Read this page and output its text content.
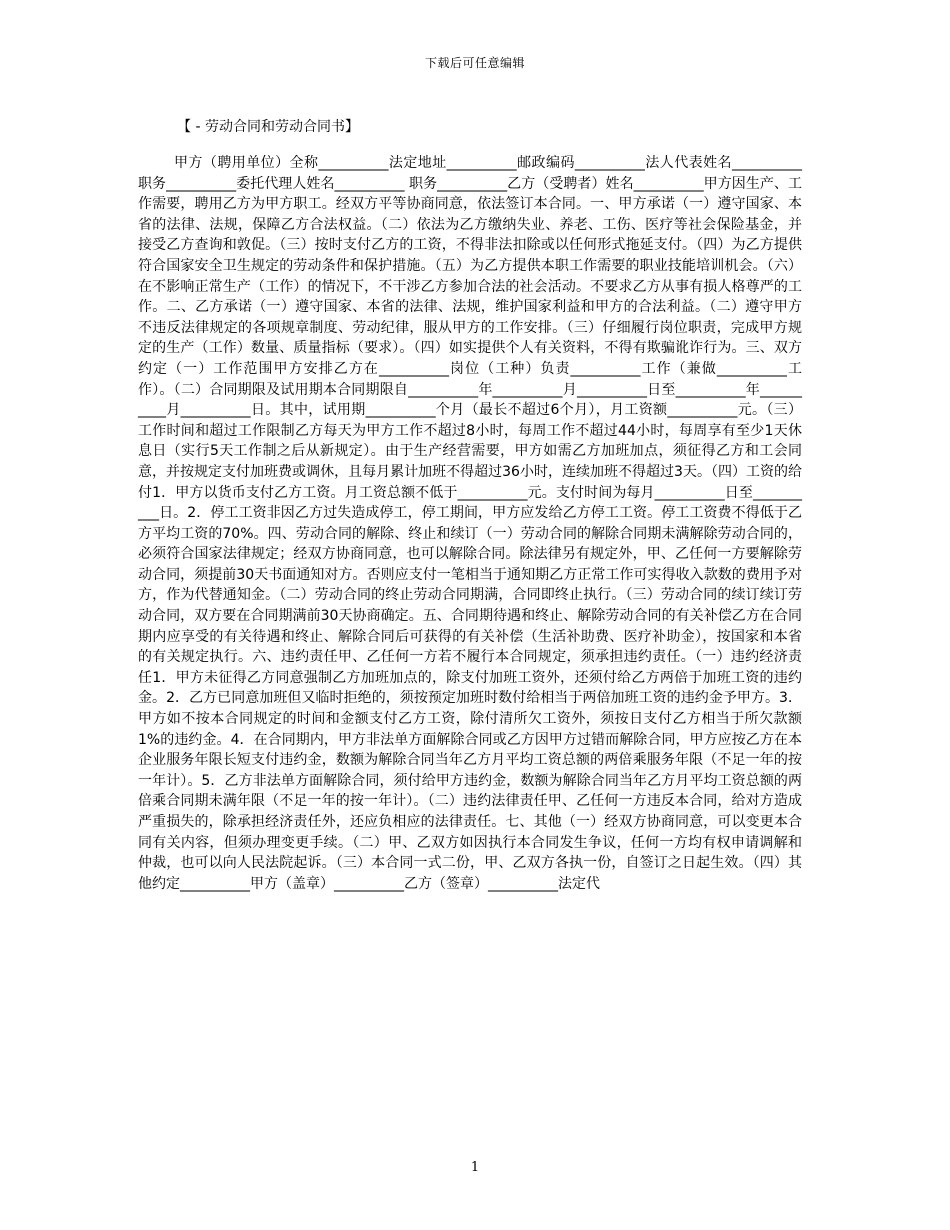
下载后可任意编辑
【 - 劳动合同和劳动合同书】
甲方（聘用单位）全称__________法定地址__________邮政编码__________法人代表姓名__________ 职务__________委托代理人姓名__________ 职务__________乙方（受聘者）姓名__________甲方因生产、工作需要，聘用乙方为甲方职工。经双方平等协商同意，依法签订本合同。一、甲方承诺（一）遵守国家、本省的法律、法规，保障乙方合法权益。（二）依法为乙方缴纳失业、养老、工伤、医疗等社会保险基金，并接受乙方查询和敦促。（三）按时支付乙方的工资，不得非法扣除或以任何形式拖延支付。（四）为乙方提供符合国家安全卫生规定的劳动条件和保护措施。（五）为乙方提供本职工作需要的职业技能培训机会。（六）在不影响正常生产（工作）的情况下，不干涉乙方参加合法的社会活动。不要求乙方从事有损人格尊严的工作。二、乙方承诺（一）遵守国家、本省的法律、法规，维护国家利益和甲方的合法利益。（二）遵守甲方不违反法律规定的各项规章制度、劳动纪律，服从甲方的工作安排。（三）仔细履行岗位职责，完成甲方规定的生产（工作）数量、质量指标（要求）。（四）如实提供个人有关资料，不得有欺骗讹诈行为。三、双方约定（一）工作范围甲方安排乙方在__________岗位（工种）负责__________工作（兼做__________工作）。（二）合同期限及试用期本合同期限自__________年__________月__________日至__________年__________月__________日。其中，试用期__________个月（最长不超过6个月），月工资额__________元。（三）工作时间和超过工作限制乙方每天为甲方工作不超过8小时，每周工作不超过44小时，每周享有至少1天休息日（实行5天工作制之后从新规定）。由于生产经营需要，甲方如需乙方加班加点，须征得乙方和工会同意，并按规定支付加班费或调休，且每月累计加班不得超过36小时，连续加班不得超过3天。（四）工资的给付1．甲方以货币支付乙方工资。月工资总额不低于__________元。支付时间为每月__________日至__________日。2．停工工资非因乙方过失造成停工，停工期间，甲方应发给乙方停工工资。停工工资费不得低于乙方平均工资的70%。四、劳动合同的解除、终止和续订（一）劳动合同的解除合同期未满解除劳动合同的，必须符合国家法律规定；经双方协商同意，也可以解除合同。除法律另有规定外，甲、乙任何一方要解除劳动合同，须提前30天书面通知对方。否则应支付一笔相当于通知期乙方正常工作可实得收入款数的费用予对方，作为代替通知金。（二）劳动合同的终止劳动合同期满，合同即终止执行。（三）劳动合同的续订续订劳动合同，双方要在合同期满前30天协商确定。五、合同期待遇和终止、解除劳动合同的有关补偿乙方在合同期内应享受的有关待遇和终止、解除合同后可获得的有关补偿（生活补助费、医疗补助金），按国家和本省的有关规定执行。六、违约责任甲、乙任何一方若不履行本合同规定，须承担违约责任。（一）违约经济责任1．甲方未征得乙方同意强制乙方加班加点的，除支付加班工资外，还须付给乙方两倍于加班工资的违约金。2．乙方已同意加班但又临时拒绝的，须按预定加班时数付给相当于两倍加班工资的违约金予甲方。3．甲方如不按本合同规定的时间和金额支付乙方工资，除付清所欠工资外，须按日支付乙方相当于所欠款额1%的违约金。4．在合同期内，甲方非法单方面解除合同或乙方因甲方过错而解除合同，甲方应按乙方在本企业服务年限长短支付违约金，数额为解除合同当年乙方月平均工资总额的两倍乘服务年限（不足一年的按一年计）。5．乙方非法单方面解除合同，须付给甲方违约金，数额为解除合同当年乙方月平均工资总额的两倍乘合同期未满年限（不足一年的按一年计）。（二）违约法律责任甲、乙任何一方违反本合同，给对方造成严重损失的，除承担经济责任外，还应负相应的法律责任。七、其他（一）经双方协商同意，可以变更本合同有关内容，但须办理变更手续。（二）甲、乙双方如因执行本合同发生争议，任何一方均有权申请调解和仲裁，也可以向人民法院起诉。（三）本合同一式二份，甲、乙双方各执一份，自签订之日起生效。（四）其他约定__________甲方（盖章）__________乙方（签章）__________法定代
1
